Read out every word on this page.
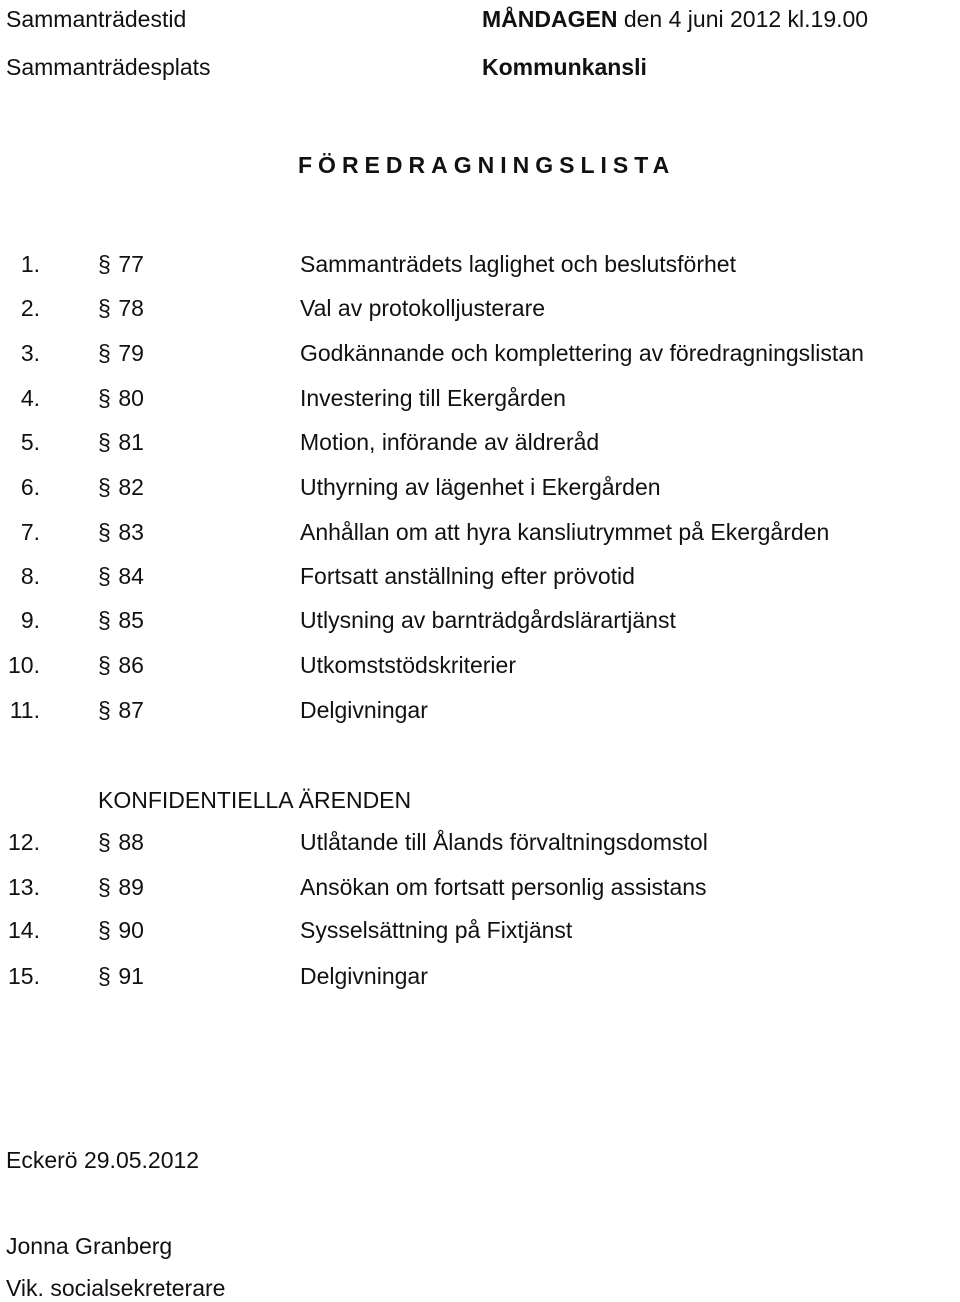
Sammanträdestid	MÅNDAGEN den 4 juni 2012 kl.19.00
Sammanträdesplats	Kommunkansli
FÖREDRAGNINGSLISTA
1.	§ 77	Sammanträdets laglighet och beslutsförhet
2.	§ 78	Val av protokolljusterare
3.	§ 79	Godkännande och komplettering av föredragningslistan
4.	§ 80	Investering till Ekergården
5.	§ 81	Motion, införande av äldreråd
6.	§ 82	Uthyrning av lägenhet i Ekergården
7.	§ 83	Anhållan om att hyra kansliutrymmet på Ekergården
8.	§ 84	Fortsatt anställning efter prövotid
9.	§ 85	Utlysning av barnträdgårdslärartjänst
10.	§ 86	Utkomststödskriterier
11.	§ 87	Delgivningar
KONFIDENTIELLA ÄRENDEN
12.	§ 88	Utlåtande till Ålands förvaltningsdomstol
13.	§ 89	Ansökan om fortsatt personlig assistans
14.	§ 90	Sysselsättning på Fixtjänst
15.	§ 91	Delgivningar
Eckerö 29.05.2012
Jonna Granberg
Vik. socialsekreterare
